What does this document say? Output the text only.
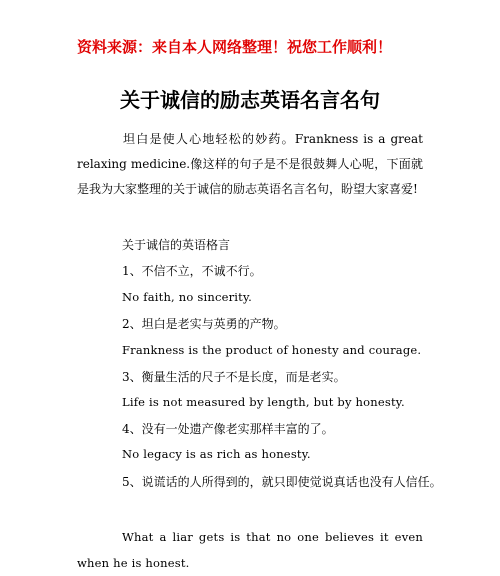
资料来源：来自本人网络整理！祝您工作顺利！
关于诚信的励志英语名言名句
坦白是使人心地轻松的妙药。Frankness is a great relaxing medicine.像这样的句子是不是很鼓舞人心呢，下面就是我为大家整理的关于诚信的励志英语名言名句，盼望大家喜爱!
关于诚信的英语格言
1、不信不立，不诚不行。
No faith, no sincerity.
2、坦白是老实与英勇的产物。
Frankness is the product of honesty and courage.
3、衡量生活的尺子不是长度，而是老实。
Life is not measured by length, but by honesty.
4、没有一处遗产像老实那样丰富的了。
No legacy is as rich as honesty.
5、说谎话的人所得到的，就只即使觉说真话也没有人信任。
What a liar gets is that no one believes it even when he is honest.
